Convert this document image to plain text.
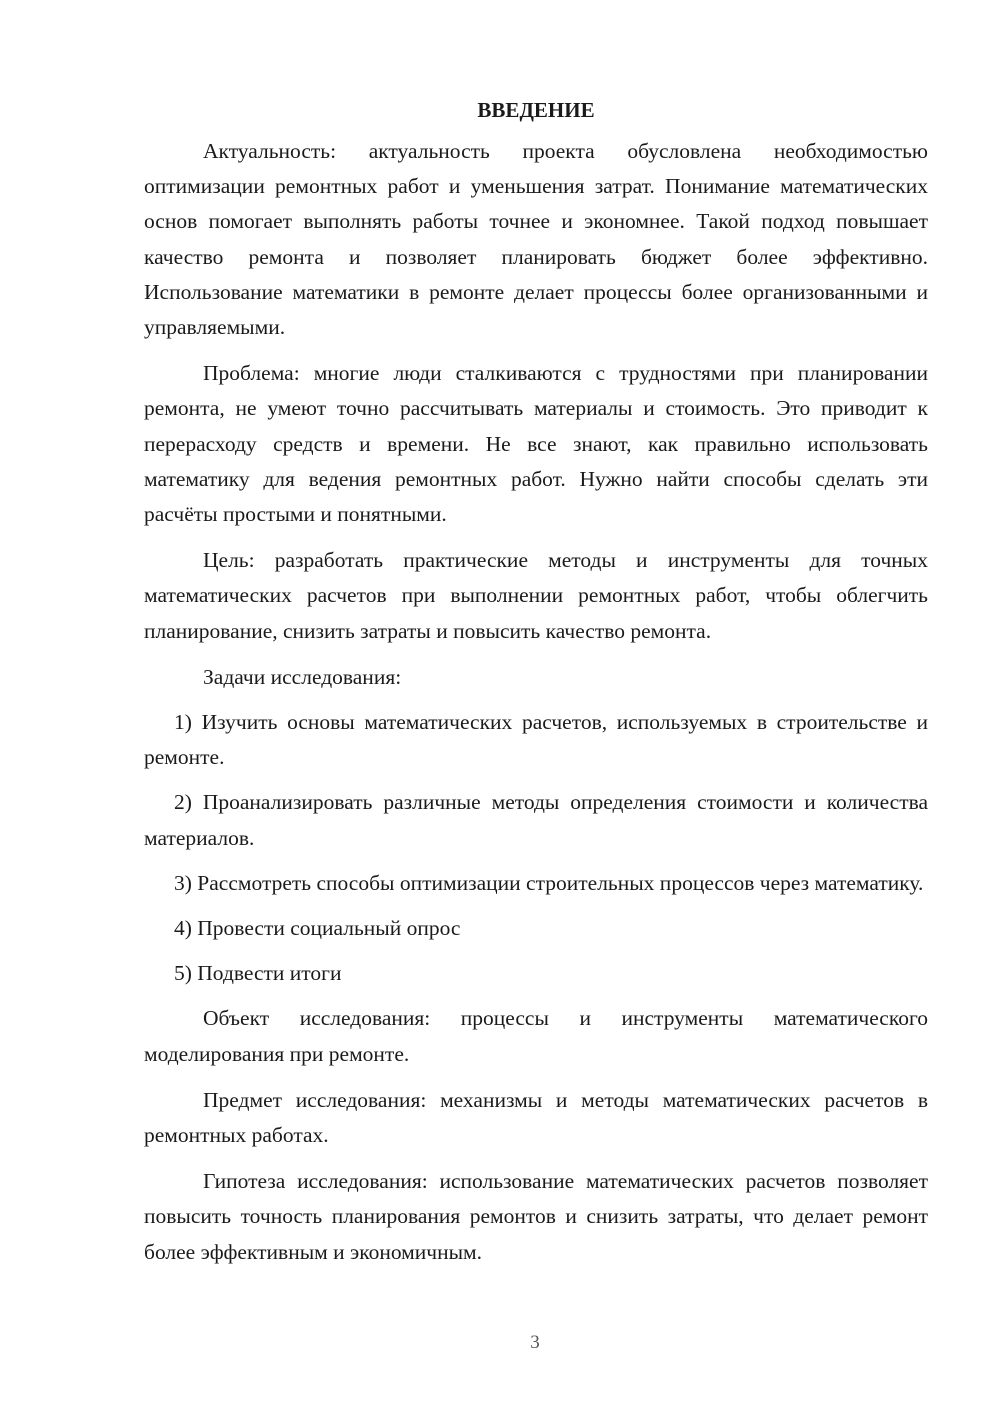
ВВЕДЕНИЕ

Актуальность: актуальность проекта обусловлена необходимостью оптимизации ремонтных работ и уменьшения затрат. Понимание математических основ помогает выполнять работы точнее и экономнее. Такой подход повышает качество ремонта и позволяет планировать бюджет более эффективно. Использование математики в ремонте делает процессы более организованными и управляемыми.

Проблема: многие люди сталкиваются с трудностями при планировании ремонта, не умеют точно рассчитывать материалы и стоимость. Это приводит к перерасходу средств и времени. Не все знают, как правильно использовать математику для ведения ремонтных работ. Нужно найти способы сделать эти расчёты простыми и понятными.

Цель: разработать практические методы и инструменты для точных математических расчетов при выполнении ремонтных работ, чтобы облегчить планирование, снизить затраты и повысить качество ремонта.

Задачи исследования:

1) Изучить основы математических расчетов, используемых в строительстве и ремонте.

2) Проанализировать различные методы определения стоимости и количества материалов.

3) Рассмотреть способы оптимизации строительных процессов через математику.

4) Провести социальный опрос

5) Подвести итоги

Объект исследования: процессы и инструменты математического моделирования при ремонте.

Предмет исследования: механизмы и методы математических расчетов в ремонтных работах.

Гипотеза исследования: использование математических расчетов позволяет повысить точность планирования ремонтов и снизить затраты, что делает ремонт более эффективным и экономичным.

3
